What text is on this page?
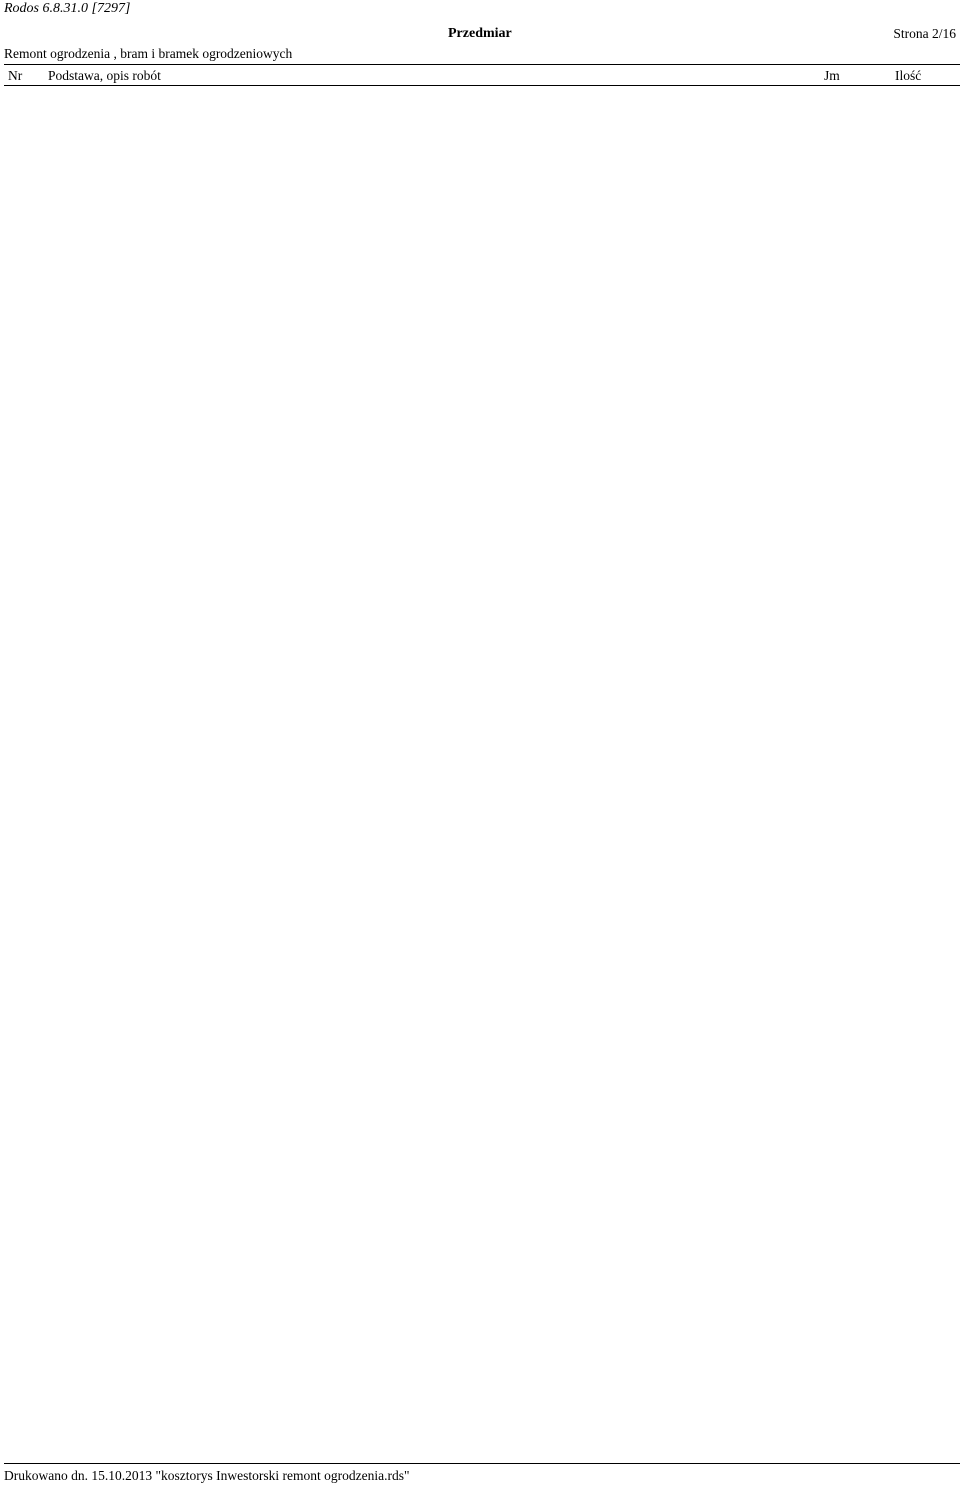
Rodos 6.8.31.0 [7297]
Przedmiar	Strona 2/16
Remont ogrodzenia , bram i bramek ogrodzeniowych
Nr Podstawa, opis robót	Jm	Ilość
Drukowano dn. 15.10.2013 "kosztorys Inwestorski remont ogrodzenia.rds"
